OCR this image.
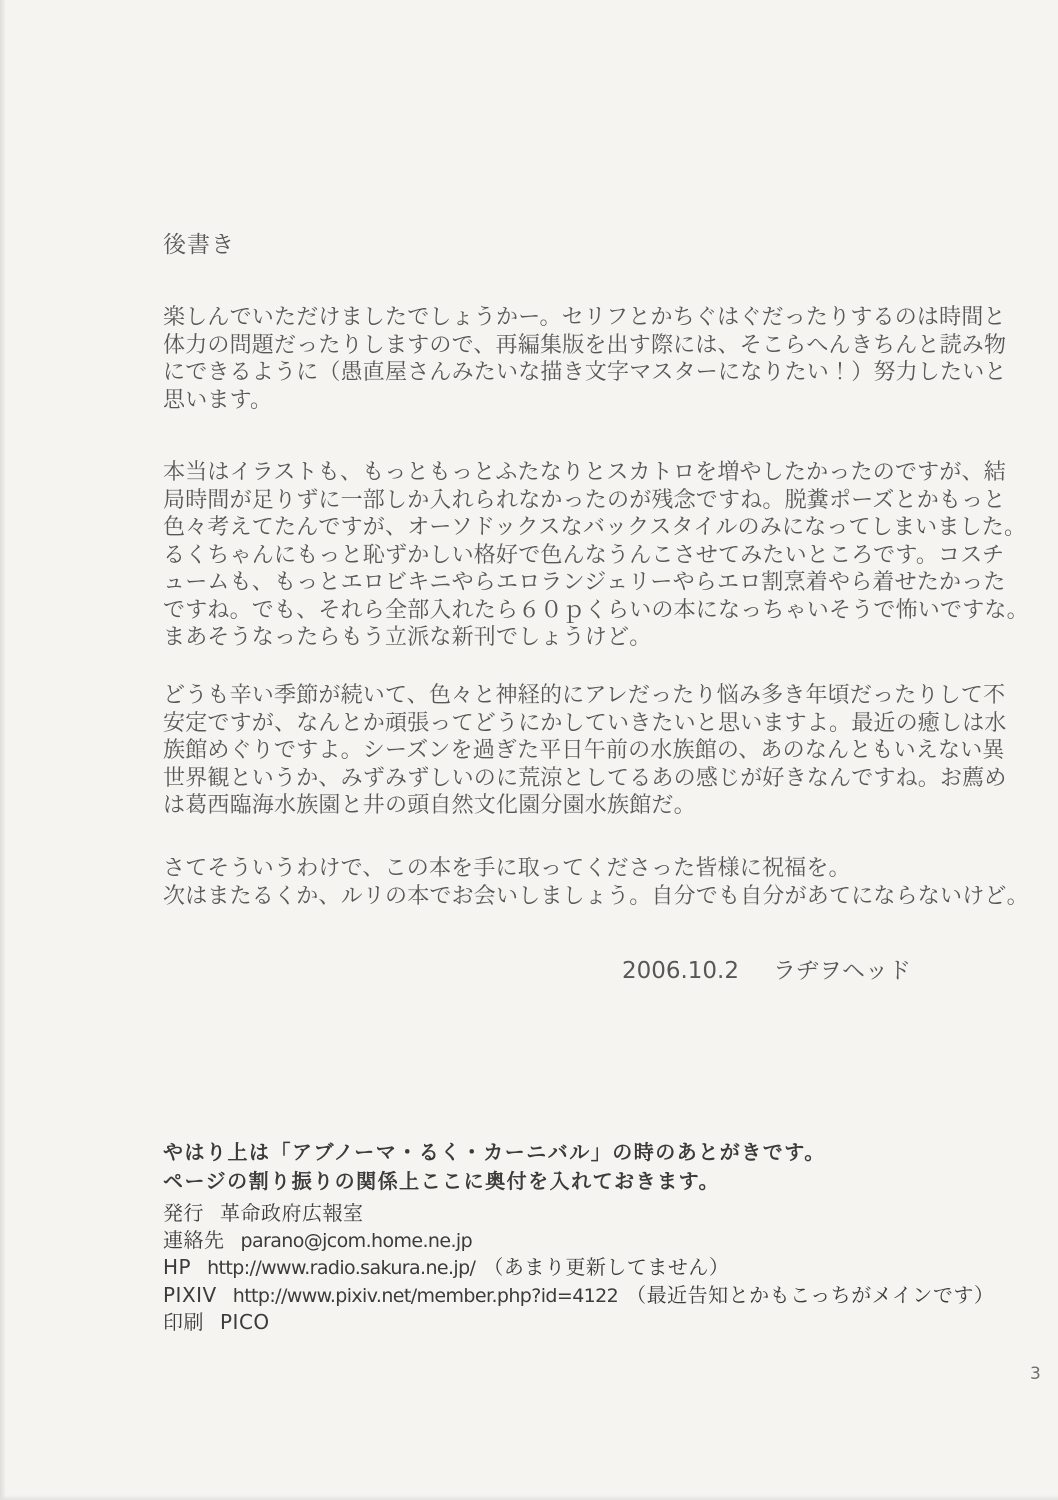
後書き
楽しんでいただけましたでしょうかー。セリフとかちぐはぐだったりするのは時間と
体力の問題だったりしますので、再編集版を出す際には、そこらへんきちんと読み物
にできるように（愚直屋さんみたいな描き文字マスターになりたい！）努力したいと
思います。
本当はイラストも、もっともっとふたなりとスカトロを増やしたかったのですが、結
局時間が足りずに一部しか入れられなかったのが残念ですね。脱糞ポーズとかもっと
色々考えてたんですが、オーソドックスなバックスタイルのみになってしまいました。
るくちゃんにもっと恥ずかしい格好で色んなうんこさせてみたいところです。コスチ
ュームも、もっとエロビキニやらエロランジェリーやらエロ割烹着やら着せたかった
ですね。でも、それら全部入れたら６０ｐくらいの本になっちゃいそうで怖いですな。
まあそうなったらもう立派な新刊でしょうけど。
どうも辛い季節が続いて、色々と神経的にアレだったり悩み多き年頃だったりして不
安定ですが、なんとか頑張ってどうにかしていきたいと思いますよ。最近の癒しは水
族館めぐりですよ。シーズンを過ぎた平日午前の水族館の、あのなんともいえない異
世界観というか、みずみずしいのに荒涼としてるあの感じが好きなんですね。お薦め
は葛西臨海水族園と井の頭自然文化園分園水族館だ。
さてそういうわけで、この本を手に取ってくださった皆様に祝福を。
次はまたるくか、ルリの本でお会いしましょう。自分でも自分があてにならないけど。
2006.10.2 ラヂヲヘッド
やはり上は「アブノーマ・るく・カーニバル」の時のあとがきです。
ページの割り振りの関係上ここに奥付を入れておきます。
発行 革命政府広報室
連絡先 parano@jcom.home.ne.jp
HP http://www.radio.sakura.ne.jp/ （あまり更新してません）
PIXIV http://www.pixiv.net/member.php?id=4122 （最近告知とかもこっちがメインです）
印刷 PICO
3
